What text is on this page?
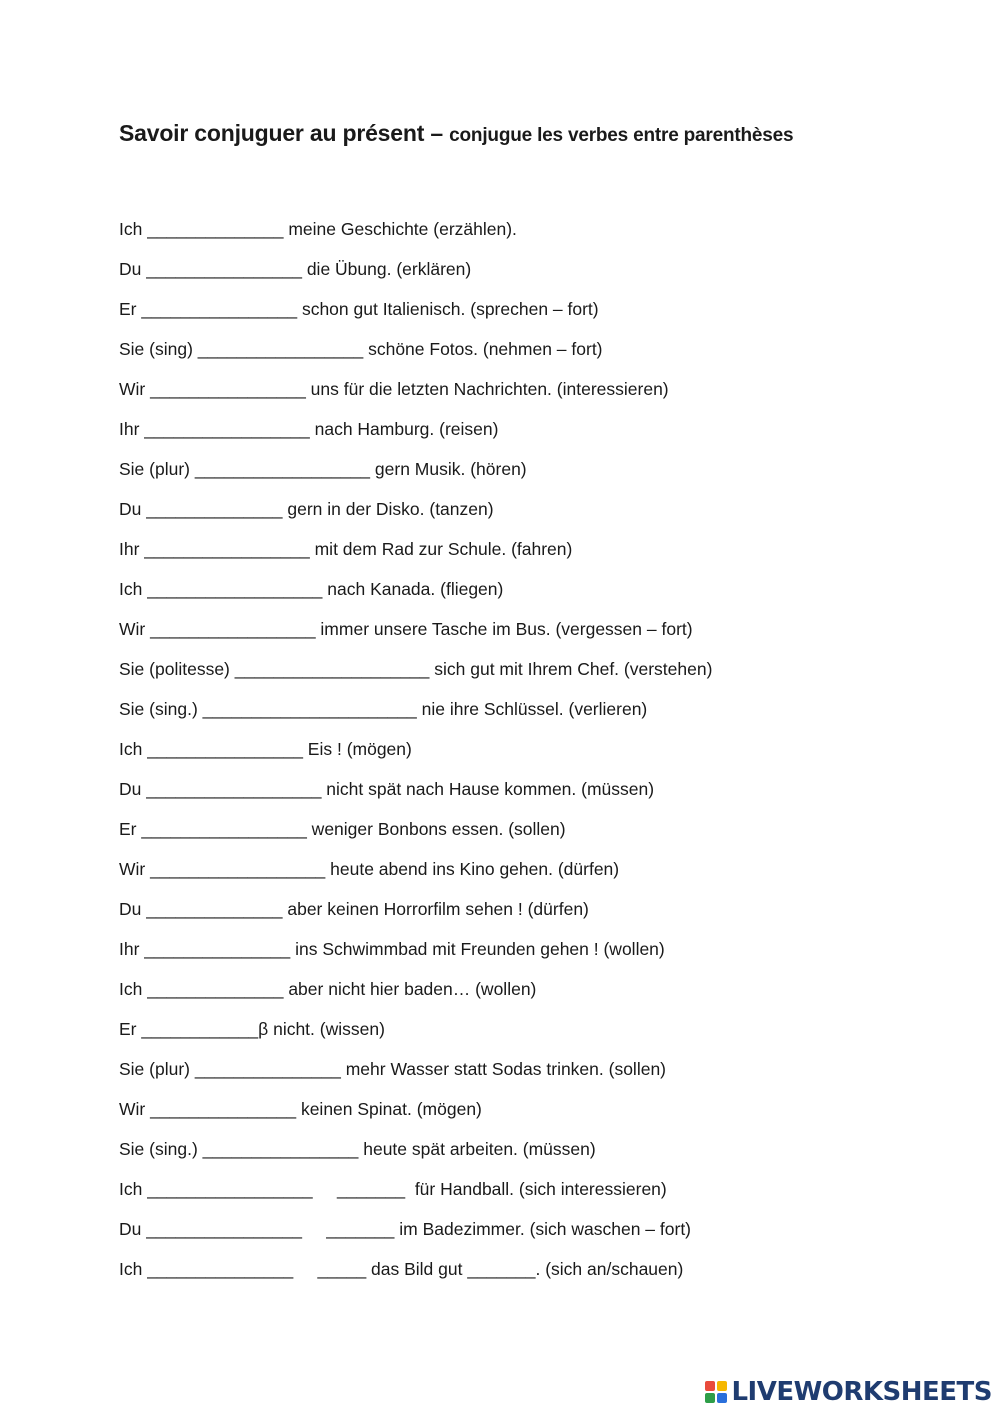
Savoir conjuguer au présent – conjugue les verbes entre parenthèses
Ich ______________ meine Geschichte (erzählen).
Du ________________ die Übung. (erklären)
Er ________________ schon gut Italienisch. (sprechen – fort)
Sie (sing) _________________ schöne Fotos. (nehmen – fort)
Wir ________________ uns für die letzten Nachrichten. (interessieren)
Ihr _________________ nach Hamburg. (reisen)
Sie (plur) __________________ gern Musik. (hören)
Du ______________ gern in der Disko. (tanzen)
Ihr _________________ mit dem Rad zur Schule. (fahren)
Ich __________________ nach Kanada. (fliegen)
Wir _________________ immer unsere Tasche im Bus. (vergessen – fort)
Sie (politesse) ____________________ sich gut mit Ihrem Chef. (verstehen)
Sie (sing.) ______________________ nie ihre Schlüssel. (verlieren)
Ich ________________ Eis ! (mögen)
Du __________________ nicht spät nach Hause kommen. (müssen)
Er _________________ weniger Bonbons essen. (sollen)
Wir __________________ heute abend ins Kino gehen. (dürfen)
Du ______________ aber keinen Horrorfilm sehen ! (dürfen)
Ihr _______________ ins Schwimmbad mit Freunden gehen ! (wollen)
Ich ______________ aber nicht hier baden… (wollen)
Er ____________β nicht. (wissen)
Sie (plur) _______________ mehr Wasser statt Sodas trinken. (sollen)
Wir _______________ keinen Spinat. (mögen)
Sie (sing.) ________________ heute spät arbeiten. (müssen)
Ich _________________     _______  für Handball. (sich interessieren)
Du ________________     _______ im Badezimmer. (sich waschen – fort)
Ich _______________     _____ das Bild gut _______. (sich an/schauen)
LIVEWORKSHEETS
